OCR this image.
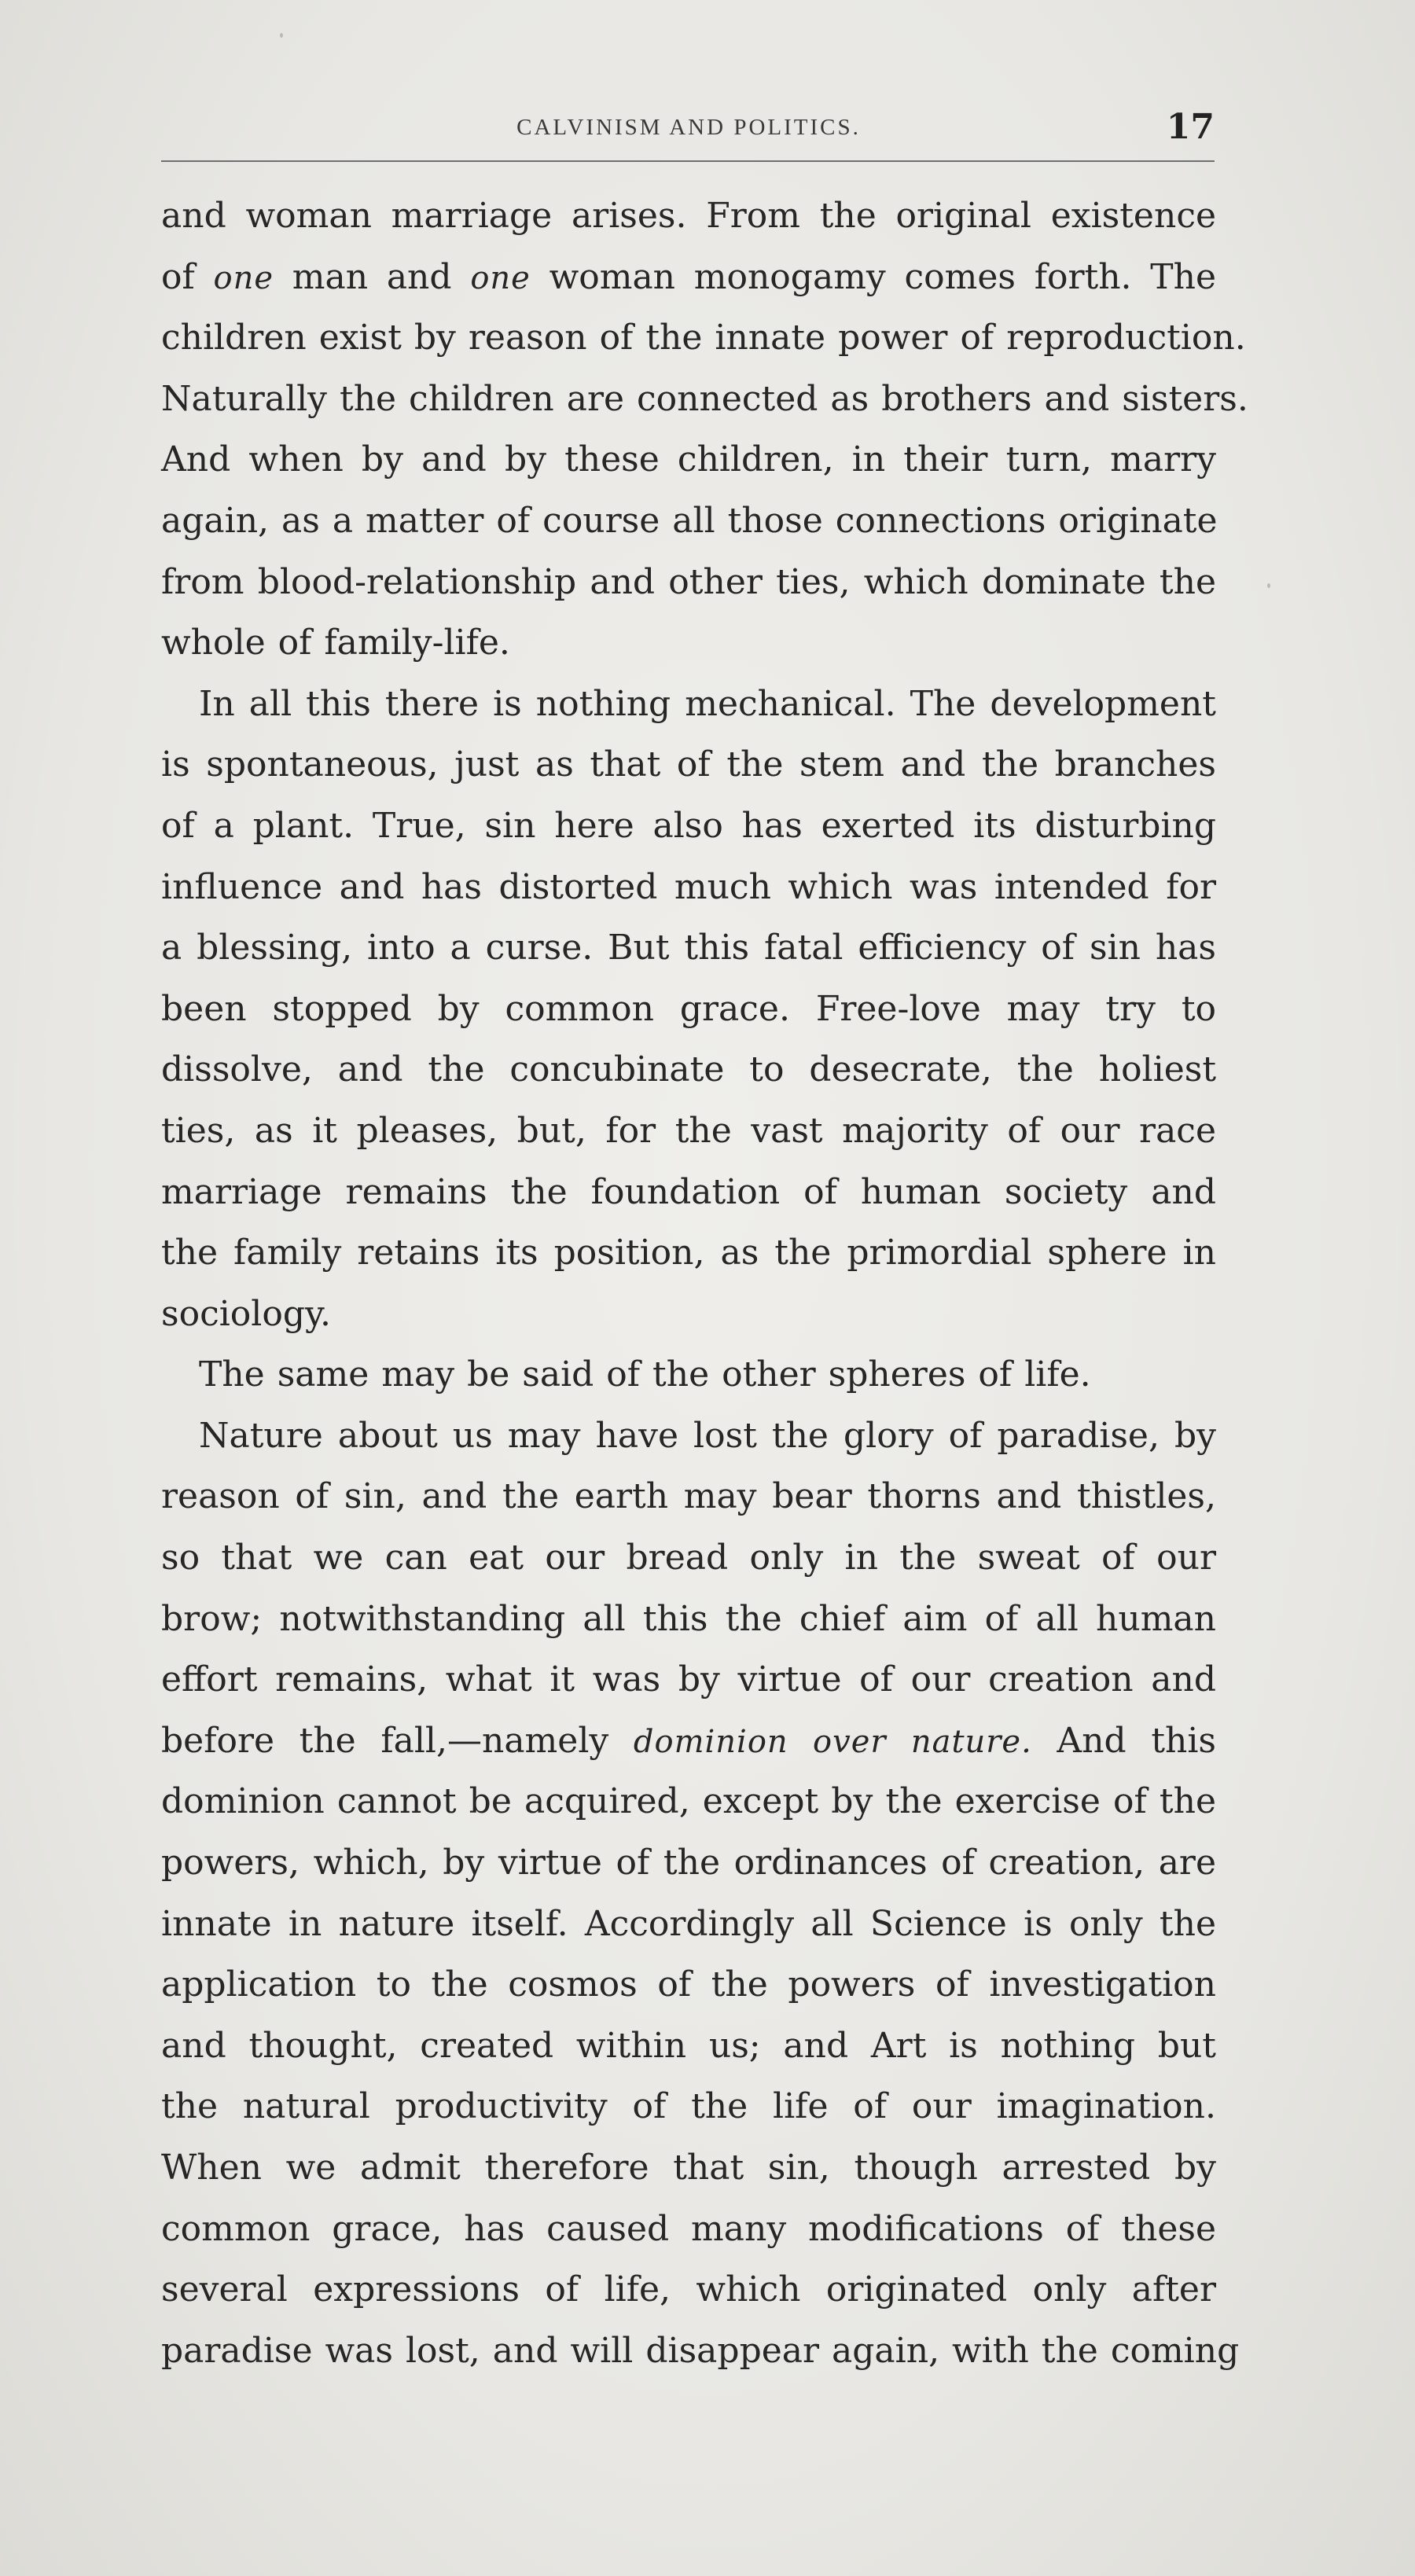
CALVINISM AND POLITICS.	17
and woman marriage arises. From the original existence
of one man and one woman monogamy comes forth. The
children exist by reason of the innate power of reproduction.
Naturally the children are connected as brothers and sisters.
And when by and by these children, in their turn, marry
again, as a matter of course all those connections originate
from blood-relationship and other ties, which dominate the
whole of family-life.
In all this there is nothing mechanical. The development
is spontaneous, just as that of the stem and the branches
of a plant. True, sin here also has exerted its disturbing
influence and has distorted much which was intended for
a blessing, into a curse. But this fatal efficiency of sin has
been stopped by common grace. Free-love may try to
dissolve, and the concubinate to desecrate, the holiest
ties, as it pleases, but, for the vast majority of our race
marriage remains the foundation of human society and
the family retains its position, as the primordial sphere in
sociology.
The same may be said of the other spheres of life.
Nature about us may have lost the glory of paradise, by
reason of sin, and the earth may bear thorns and thistles,
so that we can eat our bread only in the sweat of our
brow; notwithstanding all this the chief aim of all human
effort remains, what it was by virtue of our creation and
before the fall,—namely dominion over nature. And this
dominion cannot be acquired, except by the exercise of the
powers, which, by virtue of the ordinances of creation, are
innate in nature itself. Accordingly all Science is only the
application to the cosmos of the powers of investigation
and thought, created within us; and Art is nothing but
the natural productivity of the life of our imagination.
When we admit therefore that sin, though arrested by
common grace, has caused many modifications of these
several expressions of life, which originated only after
paradise was lost, and will disappear again, with the coming
